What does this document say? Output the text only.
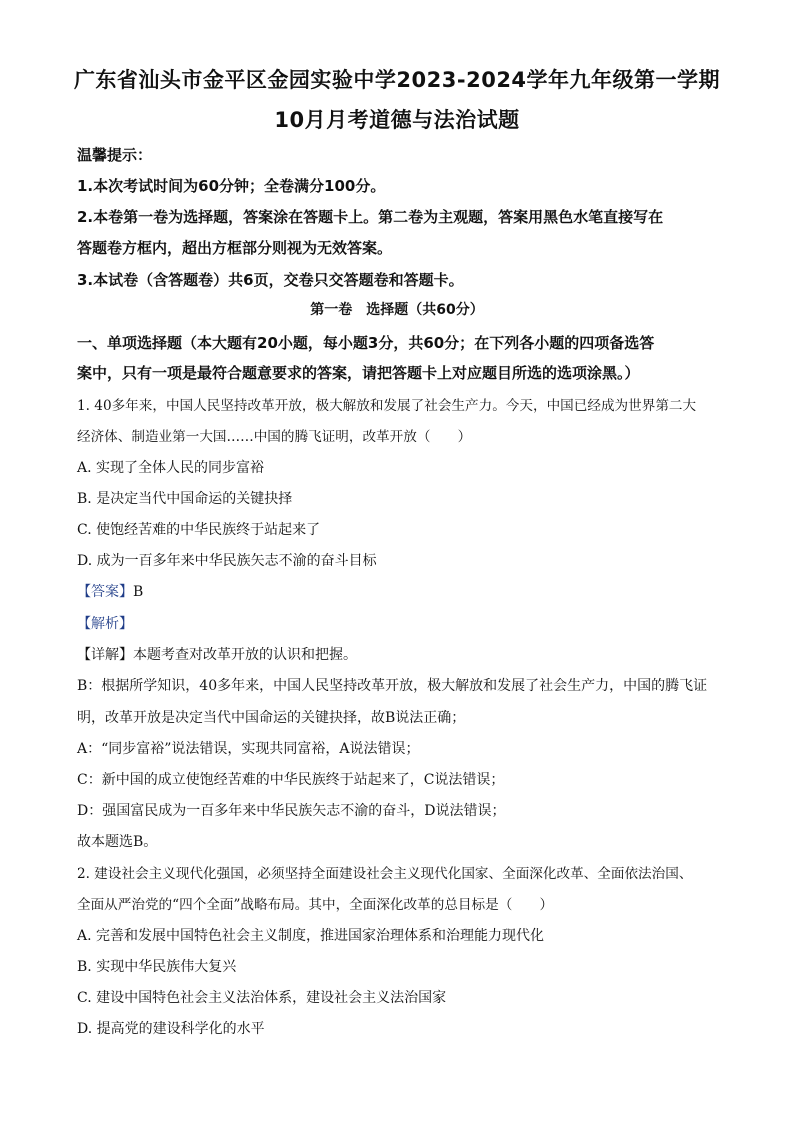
广东省汕头市金平区金园实验中学2023-2024学年九年级第一学期
10月月考道德与法治试题
温馨提示：
1.本次考试时间为60分钟；全卷满分100分。
2.本卷第一卷为选择题，答案涂在答题卡上。第二卷为主观题，答案用黑色水笔直接写在
答题卷方框内，超出方框部分则视为无效答案。
3.本试卷（含答题卷）共6页，交卷只交答题卷和答题卡。
第一卷　选择题（共60分）
一、单项选择题（本大题有20小题，每小题3分，共60分；在下列各小题的四项备选答
案中，只有一项是最符合题意要求的答案，请把答题卡上对应题目所选的选项涂黑。）
1. 40多年来，中国人民坚持改革开放，极大解放和发展了社会生产力。今天，中国已经成为世界第二大
经济体、制造业第一大国……中国的腾飞证明，改革开放（　　）
A. 实现了全体人民的同步富裕
B. 是决定当代中国命运的关键抉择
C. 使饱经苦难的中华民族终于站起来了
D. 成为一百多年来中华民族矢志不渝的奋斗目标
【答案】B
【解析】
【详解】本题考查对改革开放的认识和把握。
B：根据所学知识，40多年来，中国人民坚持改革开放，极大解放和发展了社会生产力，中国的腾飞证
明，改革开放是决定当代中国命运的关键抉择，故B说法正确；
A：“同步富裕”说法错误，实现共同富裕，A说法错误；
C：新中国的成立使饱经苦难的中华民族终于站起来了，C说法错误；
D：强国富民成为一百多年来中华民族矢志不渝的奋斗，D说法错误；
故本题选B。
2. 建设社会主义现代化强国，必须坚持全面建设社会主义现代化国家、全面深化改革、全面依法治国、
全面从严治党的“四个全面”战略布局。其中，全面深化改革的总目标是（　　）
A. 完善和发展中国特色社会主义制度，推进国家治理体系和治理能力现代化
B. 实现中华民族伟大复兴
C. 建设中国特色社会主义法治体系，建设社会主义法治国家
D. 提高党的建设科学化的水平
